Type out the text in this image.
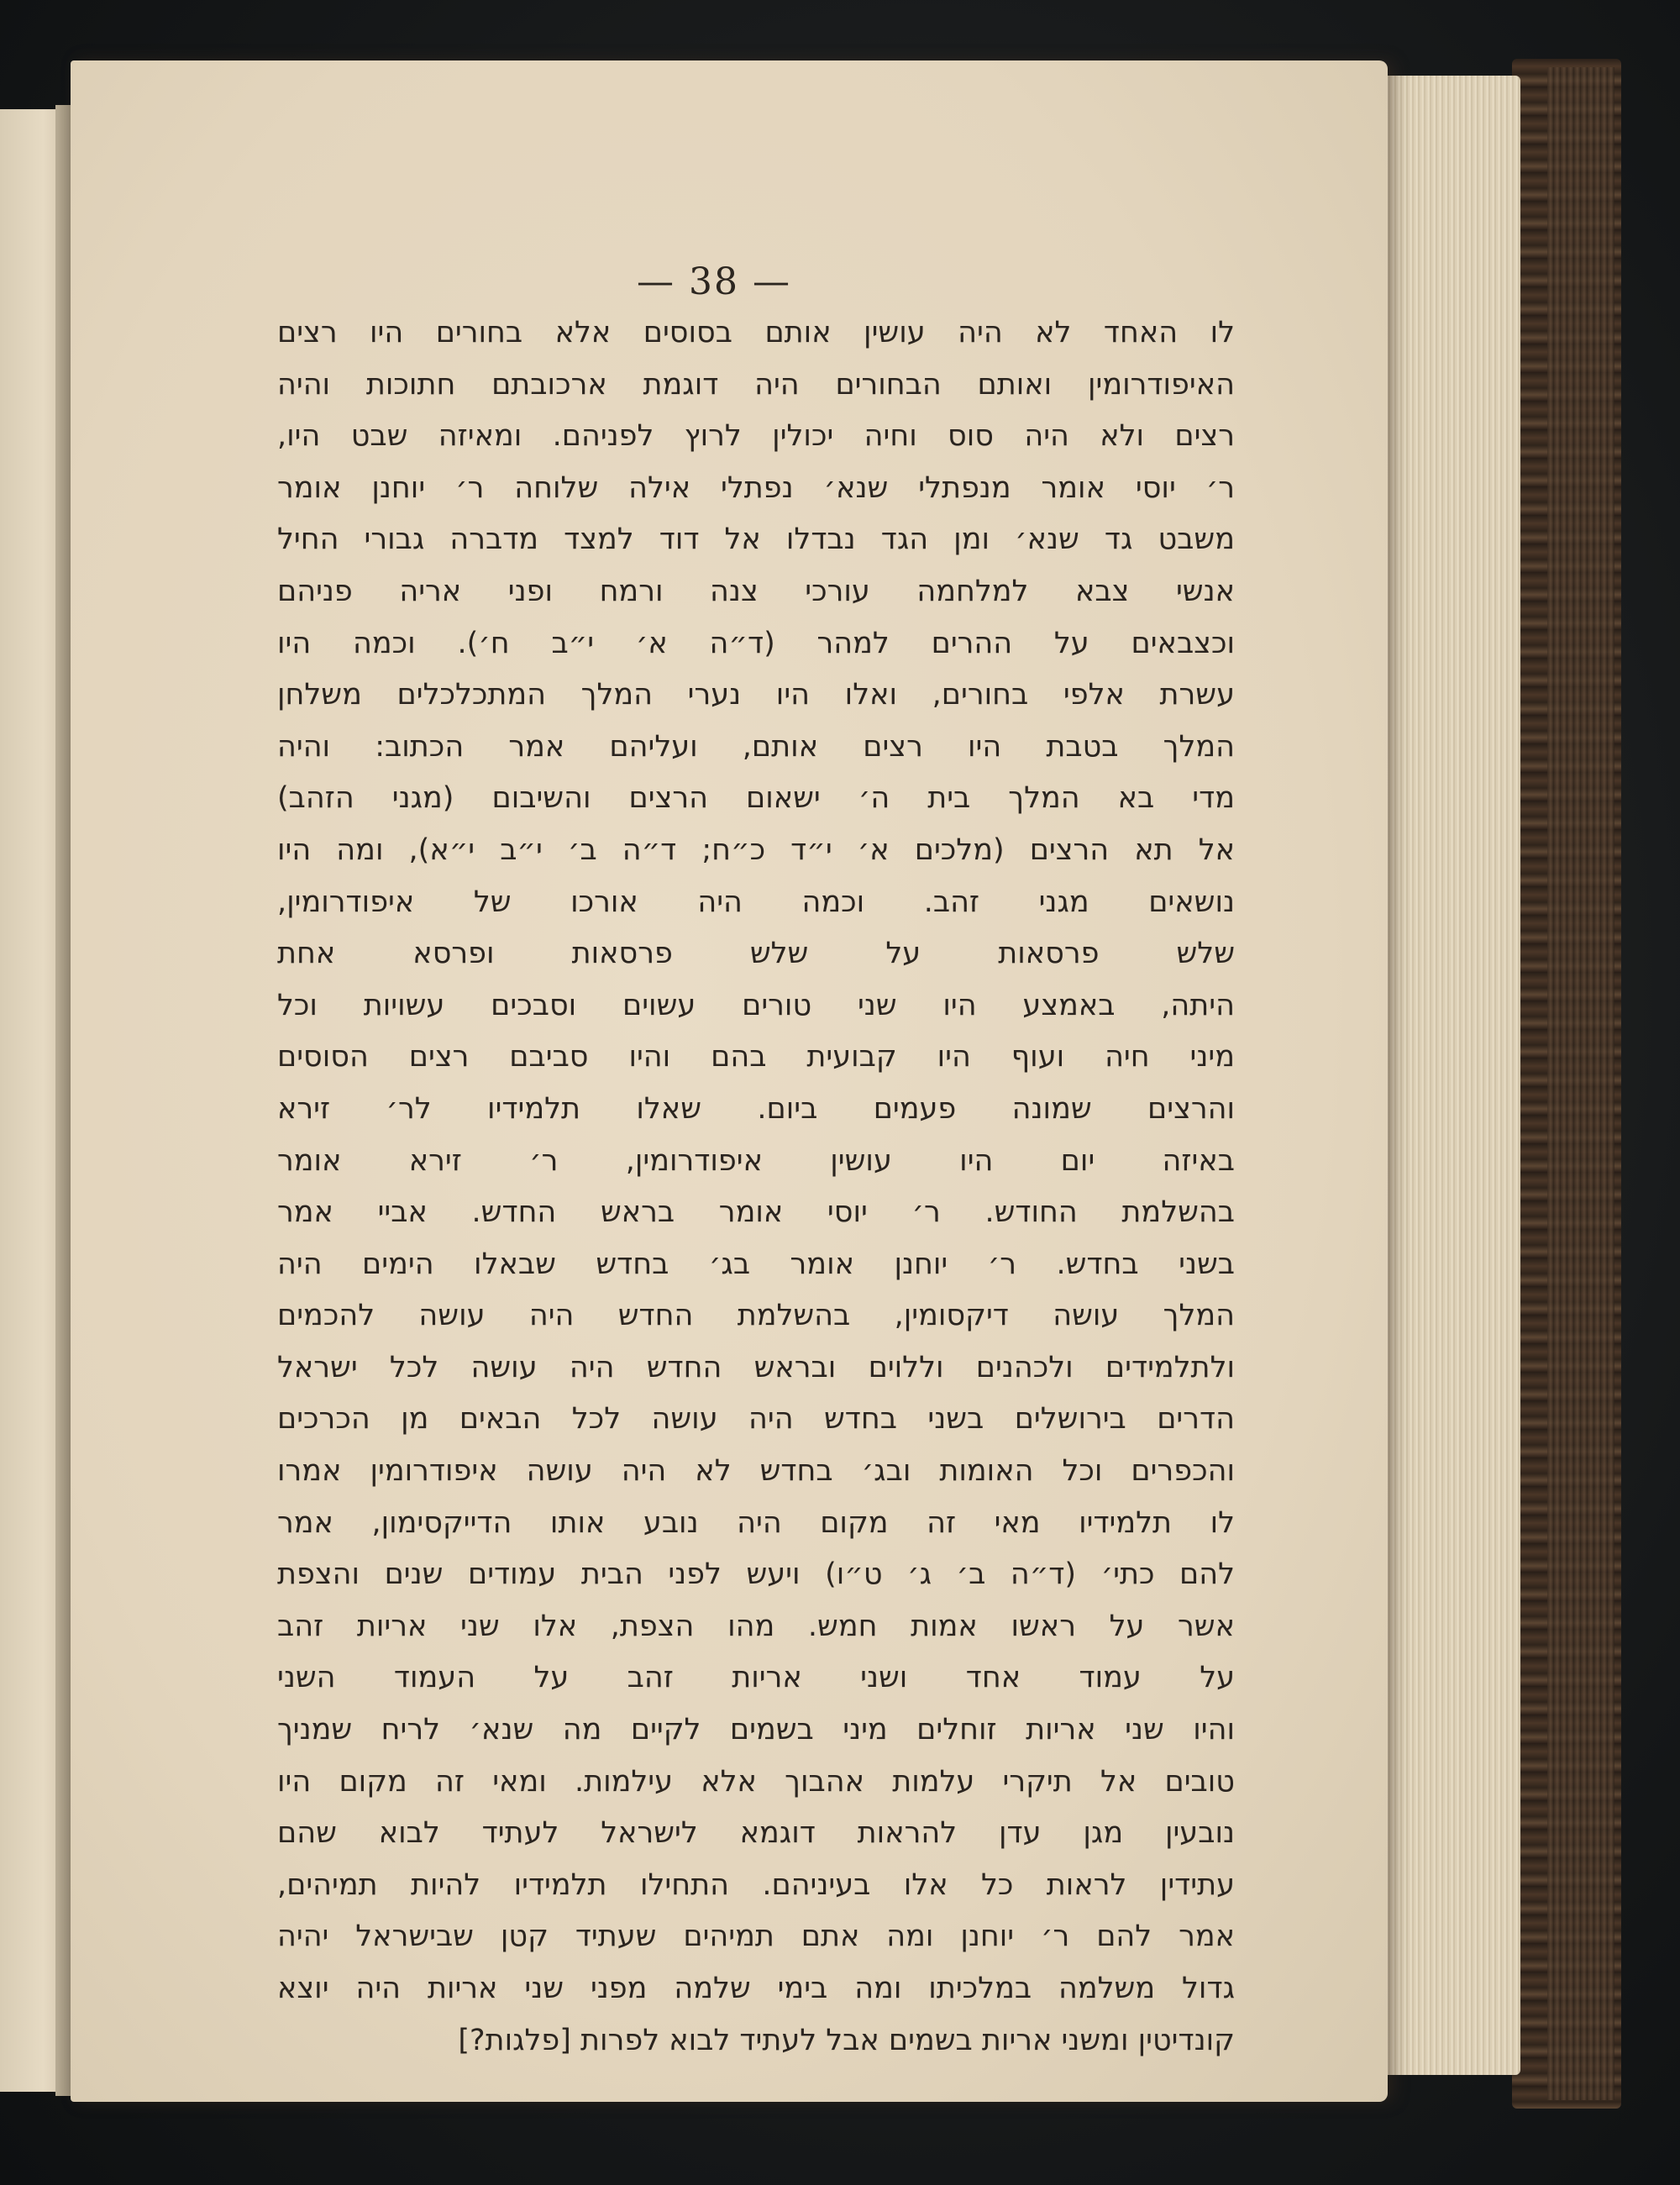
— 38 —
לו האחד לא היה עושין אותם בסוסים אלא בחורים היו רצים
האיפודרומין ואותם הבחורים היה דוגמת ארכובתם חתוכות והיה
רצים ולא היה סוס וחיה יכולין לרוץ לפניהם. ומאיזה שבט היו,
ר׳ יוסי אומר מנפתלי שנא׳ נפתלי אילה שלוחה ר׳ יוחנן אומר
משבט גד שנא׳ ומן הגד נבדלו אל דוד למצד מדברה גבורי החיל
אנשי צבא למלחמה עורכי צנה ורמח ופני אריה פניהם
וכצבאים על ההרים למהר (ד״ה א׳ י״ב ח׳). וכמה היו
עשרת אלפי בחורים, ואלו היו נערי המלך המתכלכלים משלחן
המלך בטבת היו רצים אותם, ועליהם אמר הכתוב: והיה
מדי בא המלך בית ה׳ ישאום הרצים והשיבום (מגני הזהב)
אל תא הרצים (מלכים א׳ י״ד כ״ח; ד״ה ב׳ י״ב י״א), ומה היו
נושאים מגני זהב. וכמה היה אורכו של איפודרומין,
שלש פרסאות על שלש פרסאות ופרסא אחת
היתה, באמצע היו שני טורים עשוים וסבכים עשויות וכל
מיני חיה ועוף היו קבועית בהם והיו סביבם רצים הסוסים
והרצים שמונה פעמים ביום. שאלו תלמידיו לר׳ זירא
באיזה יום היו עושין איפודרומין, ר׳ זירא אומר
בהשלמת החודש. ר׳ יוסי אומר בראש החדש. אביי אמר
בשני בחדש. ר׳ יוחנן אומר בג׳ בחדש שבאלו הימים היה
המלך עושה דיקסומין, בהשלמת החדש היה עושה להכמים
ולתלמידים ולכהנים וללוים ובראש החדש היה עושה לכל ישראל
הדרים בירושלים בשני בחדש היה עושה לכל הבאים מן הכרכים
והכפרים וכל האומות ובג׳ בחדש לא היה עושה איפודרומין אמרו
לו תלמידיו מאי זה מקום היה נובע אותו הדייקסימון, אמר
להם כתי׳ (ד״ה ב׳ ג׳ ט״ו) ויעש לפני הבית עמודים שנים והצפת
אשר על ראשו אמות חמש. מהו הצפת, אלו שני אריות זהב
על עמוד אחד ושני אריות זהב על העמוד השני
והיו שני אריות זוחלים מיני בשמים לקיים מה שנא׳ לריח שמניך
טובים אל תיקרי עלמות אהבוך אלא עילמות. ומאי זה מקום היו
נובעין מגן עדן להראות דוגמא לישראל לעתיד לבוא שהם
עתידין לראות כל אלו בעיניהם. התחילו תלמידיו להיות תמיהים,
אמר להם ר׳ יוחנן ומה אתם תמיהים שעתיד קטן שבישראל יהיה
גדול משלמה במלכיתו ומה בימי שלמה מפני שני אריות היה יוצא
קונדיטין ומשני אריות בשמים אבל לעתיד לבוא לפרות [פלגות?]
